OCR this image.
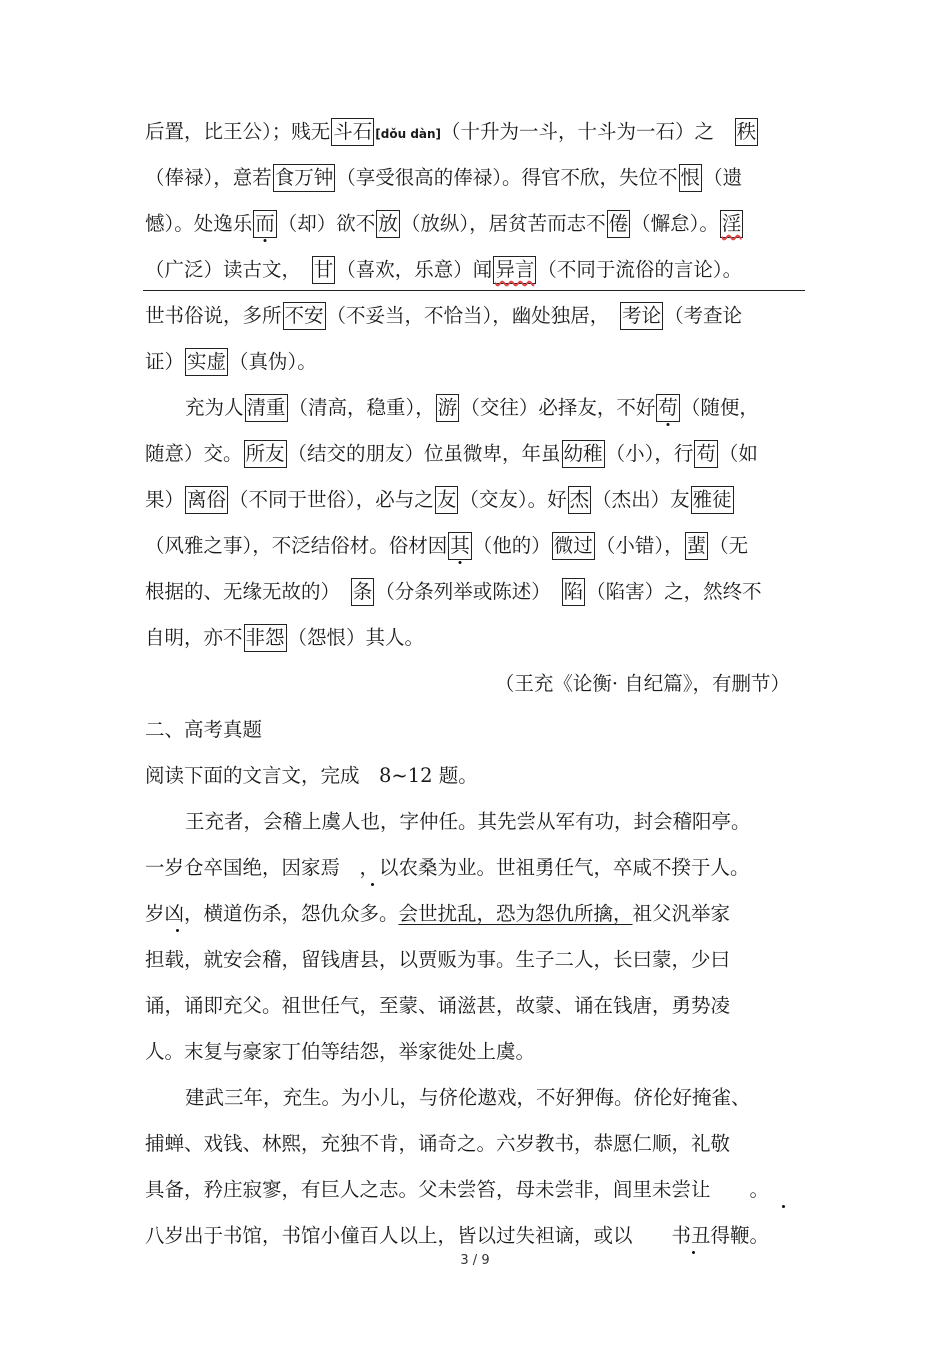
后置，比王公）；贱无 斗石 [dǒu dàn]（十升为一斗，十斗为一石）之　 秩
（俸禄），意若 食万钟 （享受很高的俸禄）。得官不欣，失位不 恨 （遗
憾）。处逸乐 而 （却）欲不 放 （放纵），居贫苦而志不 倦 （懈怠）。 淫
（广泛）读古文，　 甘 （喜欢，乐意）闻 异言 （不同于流俗的言论）。
世书俗说，多所 不安 （不妥当，不恰当），幽处独居，　 考论 （考查论
证） 实虚 （真伪）。
充为人 清重 （清高，稳重）， 游 （交往）必择友，不好 苟 （随便，
随意）交。 所友 （结交的朋友）位虽微卑，年虽 幼稚 （小），行 苟 （如
果） 离俗 （不同于世俗），必与之 友 （交友）。好 杰 （杰出）友 雅徒
（风雅之事），不泛结俗材。俗材因 其 （他的） 微过 （小错）， 蜚 （无
根据的、无缘无故的）　 条 （分条列举或陈述）　 陷 （陷害）之，然终不
自明，亦不 非怨 （怨恨）其人。
（王充《论衡· 自纪篇》，有删节）
二、高考真题
阅读下面的文言文，完成　8~12 题。
王充者，会稽上虞人也，字仲任。其先尝从军有功，封会稽阳亭。
一岁仓卒国绝，因家焉　，以农桑为业。世祖勇任气，卒咸不揆于人。
岁凶，横道伤杀，怨仇众多。会世扰乱，恐为怨仇所擒，祖父汎举家
担载，就安会稽，留钱唐县，以贾贩为事。生子二人，长曰蒙，少曰
诵，诵即充父。祖世任气，至蒙、诵滋甚，故蒙、诵在钱唐，勇势凌
人。末复与豪家丁伯等结怨，举家徙处上虞。
建武三年，充生。为小儿，与侪伦遨戏，不好狎侮。侪伦好掩雀、
捕蝉、戏钱、林熙，充独不肯，诵奇之。六岁教书，恭愿仁顺，礼敬
具备，矜庄寂寥，有巨人之志。父未尝笞，母未尝非，闾里未尝让　　。
八岁出于书馆，书馆小僮百人以上，皆以过失袒谪，或以　　书丑得鞭。
3 / 9
